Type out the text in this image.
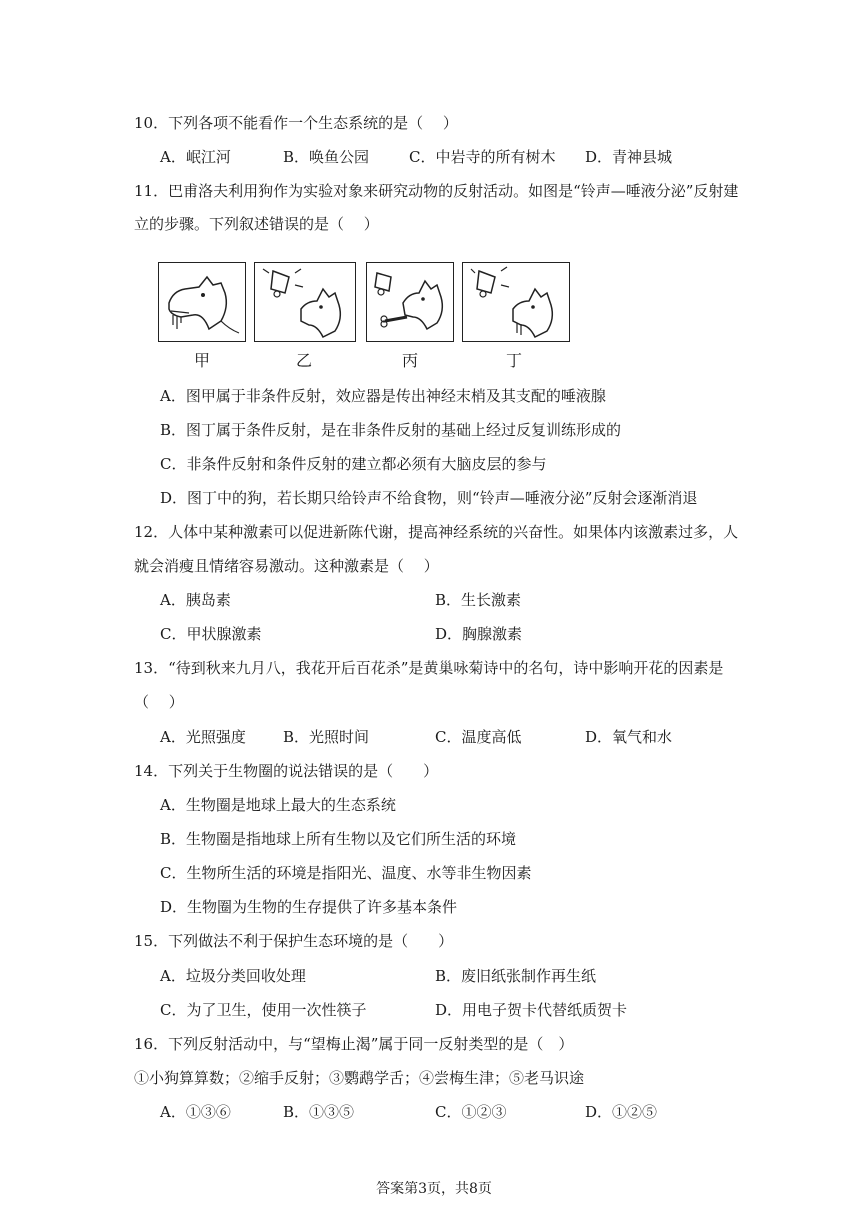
10．下列各项不能看作一个生态系统的是（　 ）
A．岷江河	B．唤鱼公园	C．中岩寺的所有树木 D．青神县城
11．巴甫洛夫利用狗作为实验对象来研究动物的反射活动。如图是“铃声—唾液分泌”反射建
立的步骤。下列叙述错误的是（　 ）
甲	乙	丙	丁
A．图甲属于非条件反射，效应器是传出神经末梢及其支配的唾液腺
B．图丁属于条件反射，是在非条件反射的基础上经过反复训练形成的
C．非条件反射和条件反射的建立都必须有大脑皮层的参与
D．图丁中的狗，若长期只给铃声不给食物，则“铃声—唾液分泌”反射会逐渐消退
12．人体中某种激素可以促进新陈代谢，提高神经系统的兴奋性。如果体内该激素过多，人
就会消瘦且情绪容易激动。这种激素是（　 ）
A．胰岛素	B．生长激素
C．甲状腺激素	D．胸腺激素
13．“待到秋来九月八，我花开后百花杀”是黄巢咏菊诗中的名句，诗中影响开花的因素是
（　 ）
A．光照强度 B．光照时间	C．温度高低	D．氧气和水
14．下列关于生物圈的说法错误的是（　　）
A．生物圈是地球上最大的生态系统
B．生物圈是指地球上所有生物以及它们所生活的环境
C．生物所生活的环境是指阳光、温度、水等非生物因素
D．生物圈为生物的生存提供了许多基本条件
15．下列做法不利于保护生态环境的是（　　）
A．垃圾分类回收处理	B．废旧纸张制作再生纸
C．为了卫生，使用一次性筷子	D．用电子贺卡代替纸质贺卡
16．下列反射活动中，与“望梅止渴”属于同一反射类型的是（　）
①小狗算算数；②缩手反射；③鹦鹉学舌；④尝梅生津；⑤老马识途
A．①③⑥	B．①③⑤	C．①②③	D．①②⑤
答案第3页，共8页
